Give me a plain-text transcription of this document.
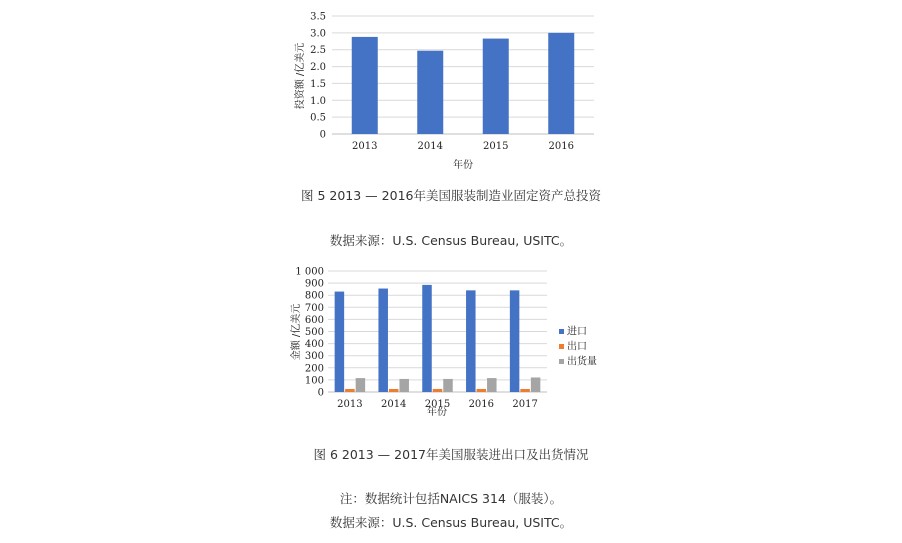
0
0.5
1.0
1.5
2.0
2.5
3.0
3.5
2013	2014	2015	2016
年份
投资额 /亿美元
图 5 2013 — 2016年美国服装制造业固定资产总投资
数据来源：U.S. Census Bureau, USITC。
0
100
200
300
400
500
600
700
800
900
1 000
2013 2014 2015 2016 2017
进口
出口
出货量
年份
金额 /亿美元
图 6 2013 — 2017年美国服装进出口及出货情况
注：数据统计包括NAICS 314（服装）。
数据来源：U.S. Census Bureau, USITC。
